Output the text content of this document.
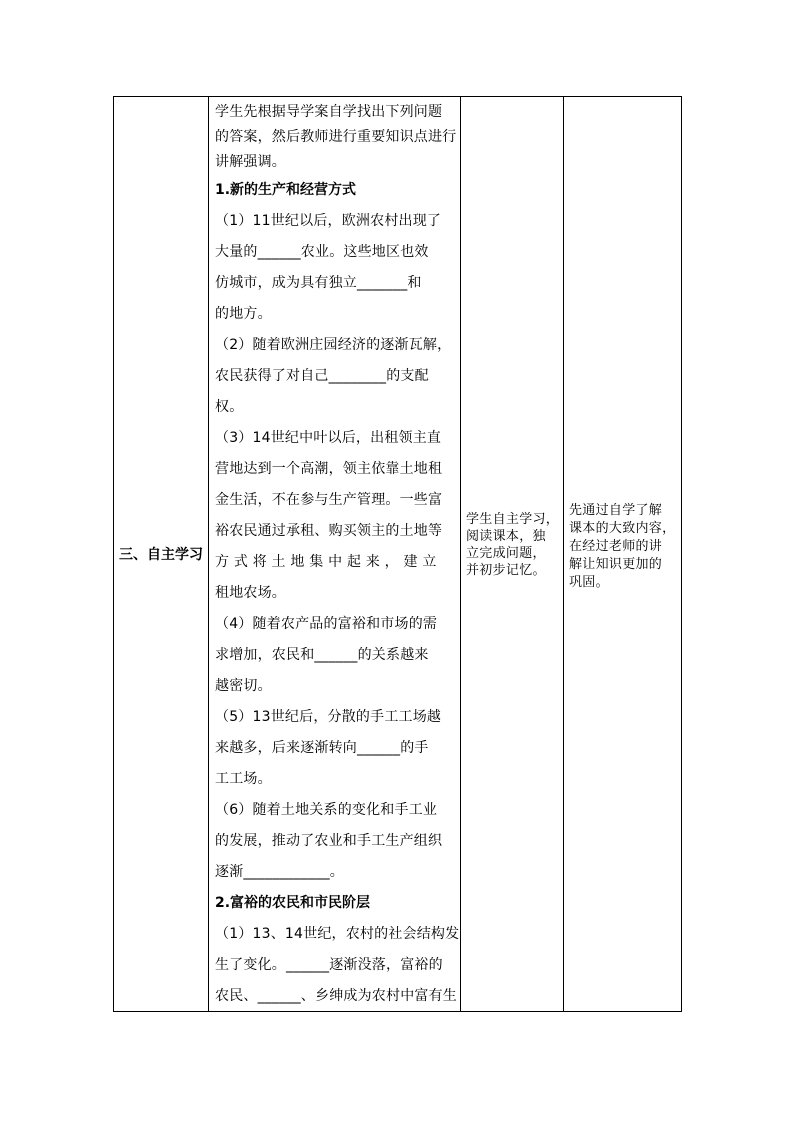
三、自主学习
学生先根据导学案自学找出下列问题
的答案，然后教师进行重要知识点进行
讲解强调。
1.新的生产和经营方式
（1）11世纪以后，欧洲农村出现了
大量的______农业。这些地区也效
仿城市，成为具有独立_______和
的地方。
（2）随着欧洲庄园经济的逐渐瓦解，
农民获得了对自己________的支配
权。
（3）14世纪中叶以后，出租领主直
营地达到一个高潮，领主依靠土地租
金生活，不在参与生产管理。一些富
裕农民通过承租、购买领主的土地等
方 式 将 土 地 集 中 起 来 ， 建 立
租地农场。
（4）随着农产品的富裕和市场的需
求增加，农民和______的关系越来
越密切。
（5）13世纪后，分散的手工工场越
来越多，后来逐渐转向______的手
工工场。
（6）随着土地关系的变化和手工业
的发展，推动了农业和手工生产组织
逐渐____________。
2.富裕的农民和市民阶层
（1）13、14世纪，农村的社会结构发
生了变化。______逐渐没落，富裕的
农民、______、乡绅成为农村中富有生
学生自主学习，
阅读课本，独
立完成问题，
并初步记忆。
先通过自学了解
课本的大致内容，
在经过老师的讲
解让知识更加的
巩固。
